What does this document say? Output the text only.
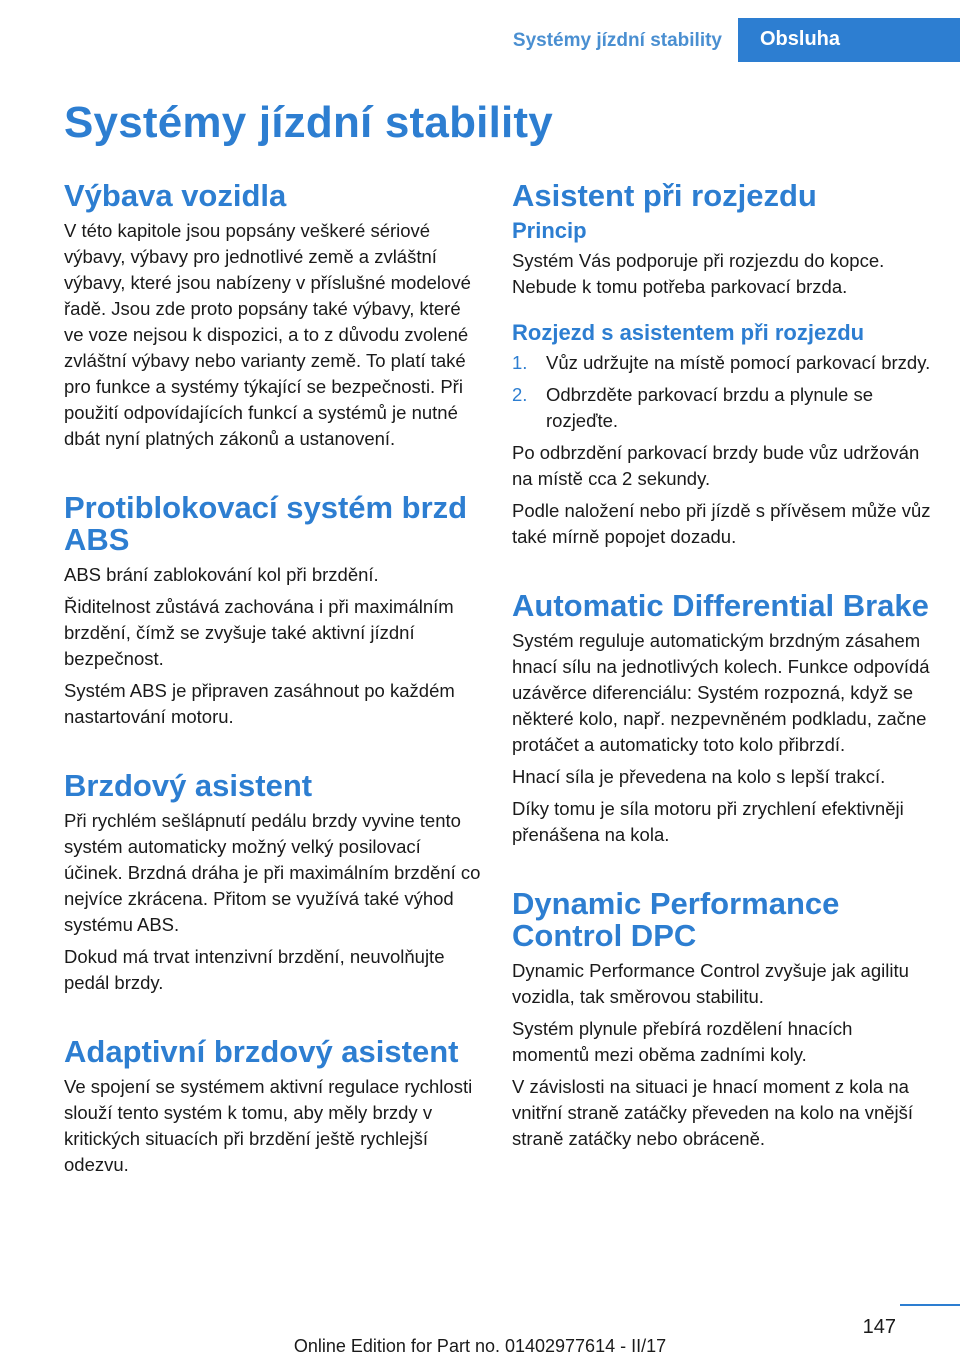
Systémy jízdní stability	Obsluha
Systémy jízdní stability
Výbava vozidla

V této kapitole jsou popsány veškeré sériové výbavy, výbavy pro jednotlivé země a zvláštní výbavy, které jsou nabízeny v příslušné modelové řadě. Jsou zde proto popsány také výbavy, které ve voze nejsou k dispozici, a to z důvodu zvolené zvláštní výbavy nebo varianty země. To platí také pro funkce a systémy týkající se bezpečnosti. Při použití odpovídajících funkcí a systémů je nutné dbát nyní platných zákonů a ustanovení.

Protiblokovací systém brzd ABS

ABS brání zablokování kol při brzdění.

Řiditelnost zůstává zachována i při maximálním brzdění, čímž se zvyšuje také aktivní jízdní bezpečnost.

Systém ABS je připraven zasáhnout po každém nastartování motoru.

Brzdový asistent

Při rychlém sešlápnutí pedálu brzdy vyvine tento systém automaticky možný velký posilovací účinek. Brzdná dráha je při maximálním brzdění co nejvíce zkrácena. Přitom se využívá také výhod systému ABS.

Dokud má trvat intenzivní brzdění, neuvolňujte pedál brzdy.

Adaptivní brzdový asistent

Ve spojení se systémem aktivní regulace rychlosti slouží tento systém k tomu, aby měly brzdy v kritických situacích při brzdění ještě rychlejší odezvu.

Asistent při rozjezdu
Princip

Systém Vás podporuje při rozjezdu do kopce. Nebude k tomu potřeba parkovací brzda.

Rozjezd s asistentem při rozjezdu
1. Vůz udržujte na místě pomocí parkovací brzdy.
2. Odbrzděte parkovací brzdu a plynule se rozjeďte.

Po odbrzdění parkovací brzdy bude vůz udržován na místě cca 2 sekundy.

Podle naložení nebo při jízdě s přívěsem může vůz také mírně popojet dozadu.

Automatic Differential Brake

Systém reguluje automatickým brzdným zásahem hnací sílu na jednotlivých kolech. Funkce odpovídá uzávěrce diferenciálu: Systém rozpozná, když se některé kolo, např. nezpevněném podkladu, začne protáčet a automaticky toto kolo přibrzdí.

Hnací síla je převedena na kolo s lepší trakcí.

Díky tomu je síla motoru při zrychlení efektivněji přenášena na kola.

Dynamic Performance Control DPC

Dynamic Performance Control zvyšuje jak agilitu vozidla, tak směrovou stabilitu.

Systém plynule přebírá rozdělení hnacích momentů mezi oběma zadními koly.

V závislosti na situaci je hnací moment z kola na vnitřní straně zatáčky převeden na kolo na vnější straně zatáčky nebo obráceně.

147
Online Edition for Part no. 01402977614 - II/17
